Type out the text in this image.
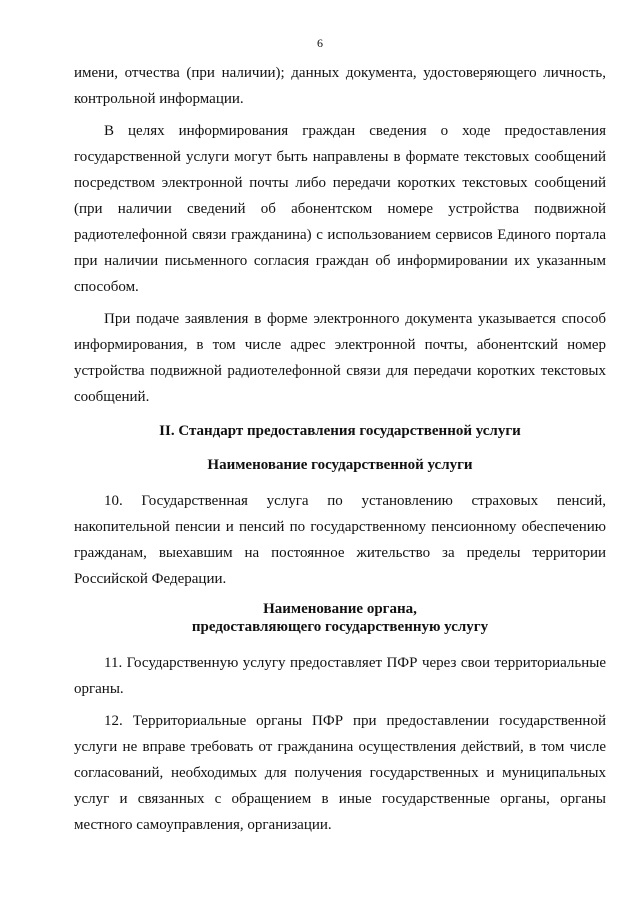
6

имени, отчества (при наличии); данных документа, удостоверяющего личность, контрольной информации.

В целях информирования граждан сведения о ходе предоставления государственной услуги могут быть направлены в формате текстовых сообщений посредством электронной почты либо передачи коротких текстовых сообщений (при наличии сведений об абонентском номере устройства подвижной радиотелефонной связи гражданина) с использованием сервисов Единого портала при наличии письменного согласия граждан об информировании их указанным способом.

При подаче заявления в форме электронного документа указывается способ информирования, в том числе адрес электронной почты, абонентский номер устройства подвижной радиотелефонной связи для передачи коротких текстовых сообщений.

II. Стандарт предоставления государственной услуги

Наименование государственной услуги

10. Государственная услуга по установлению страховых пенсий, накопительной пенсии и пенсий по государственному пенсионному обеспечению гражданам, выехавшим на постоянное жительство за пределы территории Российской Федерации.

Наименование органа,
предоставляющего государственную услугу

11. Государственную услугу предоставляет ПФР через свои территориальные органы.

12. Территориальные органы ПФР при предоставлении государственной услуги не вправе требовать от гражданина осуществления действий, в том числе согласований, необходимых для получения государственных и муниципальных услуг и связанных с обращением в иные государственные органы, органы местного самоуправления, организации.
